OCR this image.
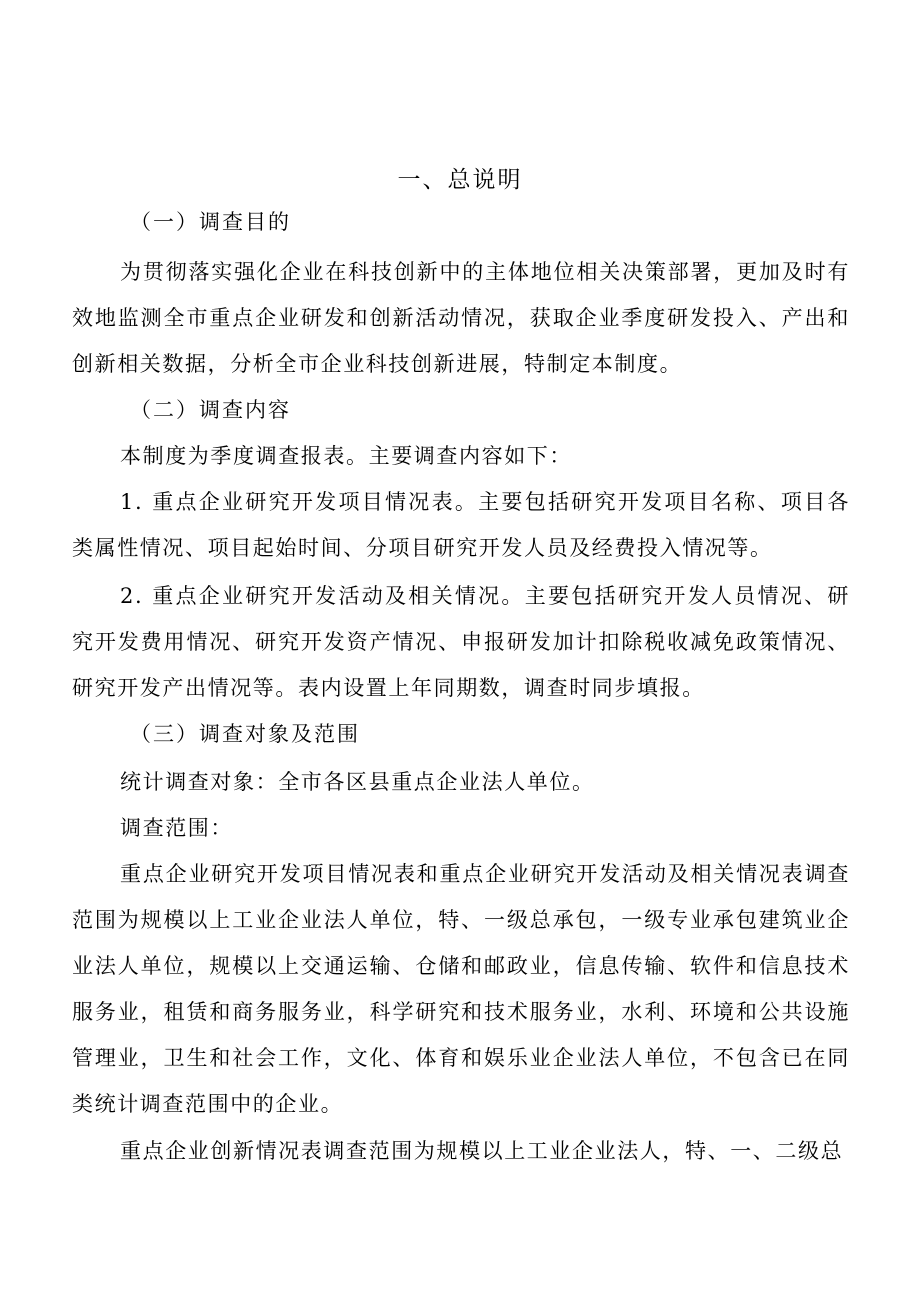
一、总说明
（一）调查目的
为贯彻落实强化企业在科技创新中的主体地位相关决策部署，更加及时有效地监测全市重点企业研发和创新活动情况，获取企业季度研发投入、产出和创新相关数据，分析全市企业科技创新进展，特制定本制度。
（二）调查内容
本制度为季度调查报表。主要调查内容如下：
1. 重点企业研究开发项目情况表。主要包括研究开发项目名称、项目各类属性情况、项目起始时间、分项目研究开发人员及经费投入情况等。
2. 重点企业研究开发活动及相关情况。主要包括研究开发人员情况、研究开发费用情况、研究开发资产情况、申报研发加计扣除税收减免政策情况、研究开发产出情况等。表内设置上年同期数，调查时同步填报。
（三）调查对象及范围
统计调查对象：全市各区县重点企业法人单位。
调查范围：
重点企业研究开发项目情况表和重点企业研究开发活动及相关情况表调查范围为规模以上工业企业法人单位，特、一级总承包，一级专业承包建筑业企业法人单位，规模以上交通运输、仓储和邮政业，信息传输、软件和信息技术服务业，租赁和商务服务业，科学研究和技术服务业，水利、环境和公共设施管理业，卫生和社会工作，文化、体育和娱乐业企业法人单位，不包含已在同类统计调查范围中的企业。
重点企业创新情况表调查范围为规模以上工业企业法人，特、一、二级总
